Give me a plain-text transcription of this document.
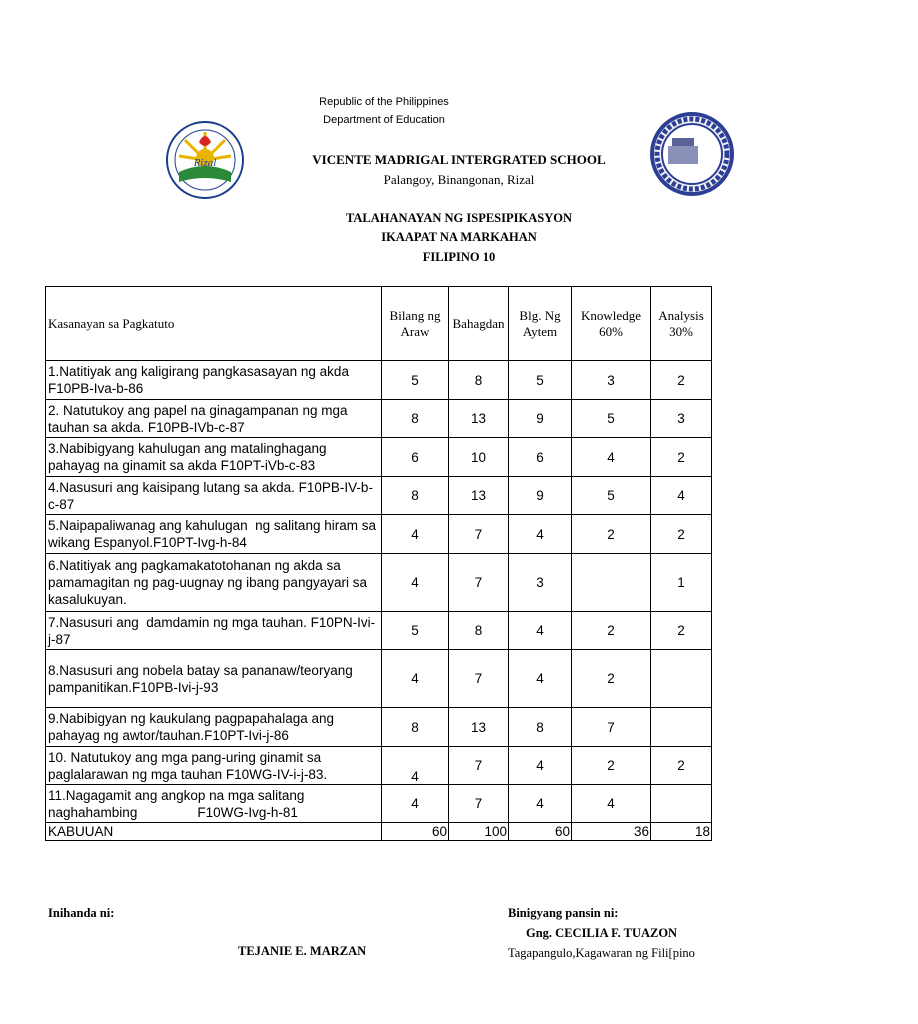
Republic of the Philippines
Department of Education
Rizal	VICENTE MADRIGAL INTERGRATED SCHOOL
Palangoy, Binangonan, Rizal
TALAHANAYAN NG ISPESIPIKASYON
IKAAPAT NA MARKAHAN
FILIPINO 10
Kasanayan sa Pagkatuto	Bilang ng Araw	Bahagdan	Blg. Ng Aytem	Knowledge 60%	Analysis 30%
1.Natitiyak ang kaligirang pangkasasayan ng akda               F10PB-Iva-b-86	5	8	5	3	2
2. Natutukoy ang papel na ginagampanan ng mga tauhan sa akda. F10PB-IVb-c-87	8	13	9	5	3
3.Nabibigyang kahulugan ang matalinghagang pahayag na ginamit sa akda F10PT-iVb-c-83	6	10	6	4	2
4.Nasusuri ang kaisipang lutang sa akda. F10PB-IV-b-c-87	8	13	9	5	4
5.Naipapaliwanag ang kahulugan  ng salitang hiram sa wikang Espanyol.F10PT-Ivg-h-84	4	7	4	2	2
6.Natitiyak ang pagkamakatotohanan ng akda sa pamamagitan ng pag-uugnay ng ibang pangyayari sa kasalukuyan.	4	7	3		1
7.Nasusuri ang  damdamin ng mga tauhan. F10PN-Ivi-j-87	5	8	4	2	2
8.Nasusuri ang nobela batay sa pananaw/teoryang pampanitikan.F10PB-Ivi-j-93	4	7	4	2	
9.Nabibigyan ng kaukulang pagpapahalaga ang pahayag ng awtor/tauhan.F10PT-Ivi-j-86	8	13	8	7	
10. Natutukoy ang mga pang-uring ginamit sa paglalarawan ng mga tauhan F10WG-IV-i-j-83.	4	7	4	2	2
11.Nagagamit ang angkop na mga salitang naghahambing                F10WG-Ivg-h-81	4	7	4	4	
KABUUAN	60	100	60	36	18
Inihanda ni:
TEJANIE E. MARZAN
Binigyang pansin ni:
Gng. CECILIA F. TUAZON
Tagapangulo,Kagawaran ng Fili[pino
